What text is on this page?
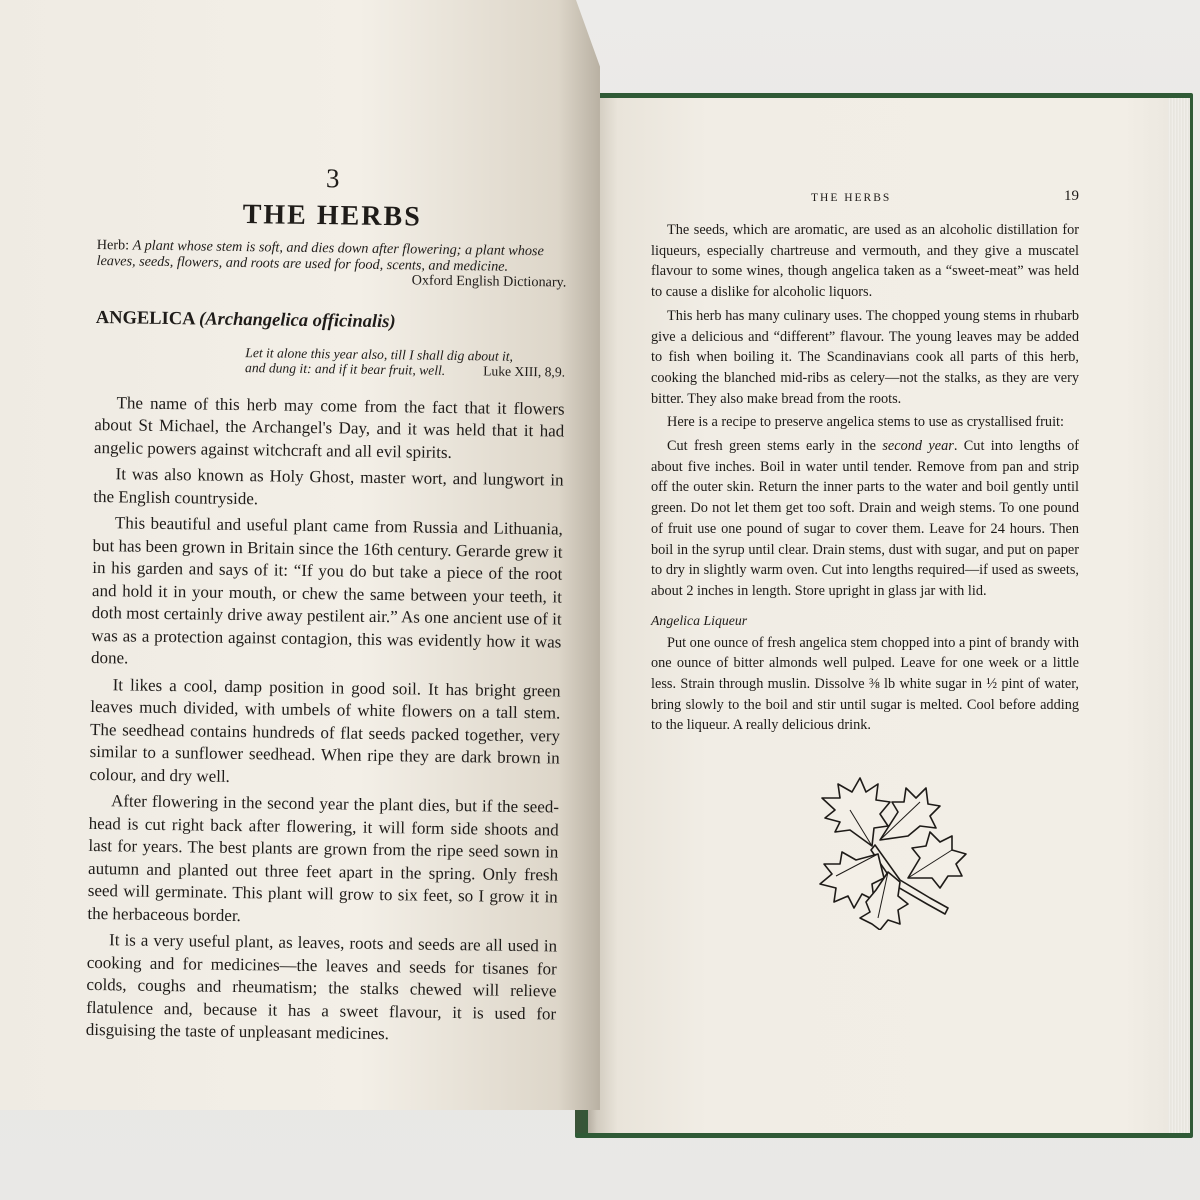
3

THE HERBS

Herb: A plant whose stem is soft, and dies down after flowering; a plant whose leaves, seeds, flowers, and roots are used for food, scents, and medicine.

Oxford English Dictionary.

ANGELICA (Archangelica officinalis)
Let it alone this year also, till I shall dig about it,
and dung it: and if it bear fruit, well.	Luke XIII, 8,9.

The name of this herb may come from the fact that it flowers about St Michael, the Archangel's Day, and it was held that it had angelic powers against witchcraft and all evil spirits.

It was also known as Holy Ghost, master wort, and lungwort in the English countryside.

This beautiful and useful plant came from Russia and Lithuania, but has been grown in Britain since the 16th century. Gerarde grew it in his garden and says of it: “If you do but take a piece of the root and hold it in your mouth, or chew the same between your teeth, it doth most certainly drive away pestilent air.” As one ancient use of it was as a protection against contagion, this was evidently how it was done.

It likes a cool, damp position in good soil. It has bright green leaves much divided, with umbels of white flowers on a tall stem. The seedhead contains hundreds of flat seeds packed together, very similar to a sunflower seedhead. When ripe they are dark brown in colour, and dry well.

After flowering in the second year the plant dies, but if the seed-head is cut right back after flowering, it will form side shoots and last for years. The best plants are grown from the ripe seed sown in autumn and planted out three feet apart in the spring. Only fresh seed will germinate. This plant will grow to six feet, so I grow it in the herbaceous border.

It is a very useful plant, as leaves, roots and seeds are all used in cooking and for medicines—the leaves and seeds for tisanes for colds, coughs and rheumatism; the stalks chewed will relieve flatulence and, because it has a sweet flavour, it is used for disguising the taste of unpleasant medicines.

THE HERBS	19

The seeds, which are aromatic, are used as an alcoholic distillation for liqueurs, especially chartreuse and vermouth, and they give a muscatel flavour to some wines, though angelica taken as a “sweet-meat” was held to cause a dislike for alcoholic liquors.

This herb has many culinary uses. The chopped young stems in rhubarb give a delicious and “different” flavour. The young leaves may be added to fish when boiling it. The Scandinavians cook all parts of this herb, cooking the blanched mid-ribs as celery—not the stalks, as they are very bitter. They also make bread from the roots.

Here is a recipe to preserve angelica stems to use as crystallised fruit:

Cut fresh green stems early in the second year. Cut into lengths of about five inches. Boil in water until tender. Remove from pan and strip off the outer skin. Return the inner parts to the water and boil gently until green. Do not let them get too soft. Drain and weigh stems. To one pound of fruit use one pound of sugar to cover them. Leave for 24 hours. Then boil in the syrup until clear. Drain stems, dust with sugar, and put on paper to dry in slightly warm oven. Cut into lengths required—if used as sweets, about 2 inches in length. Store upright in glass jar with lid.

Angelica Liqueur

Put one ounce of fresh angelica stem chopped into a pint of brandy with one ounce of bitter almonds well pulped. Leave for one week or a little less. Strain through muslin. Dissolve ⅜ lb white sugar in ½ pint of water, bring slowly to the boil and stir until sugar is melted. Cool before adding to the liqueur. A really delicious drink.
